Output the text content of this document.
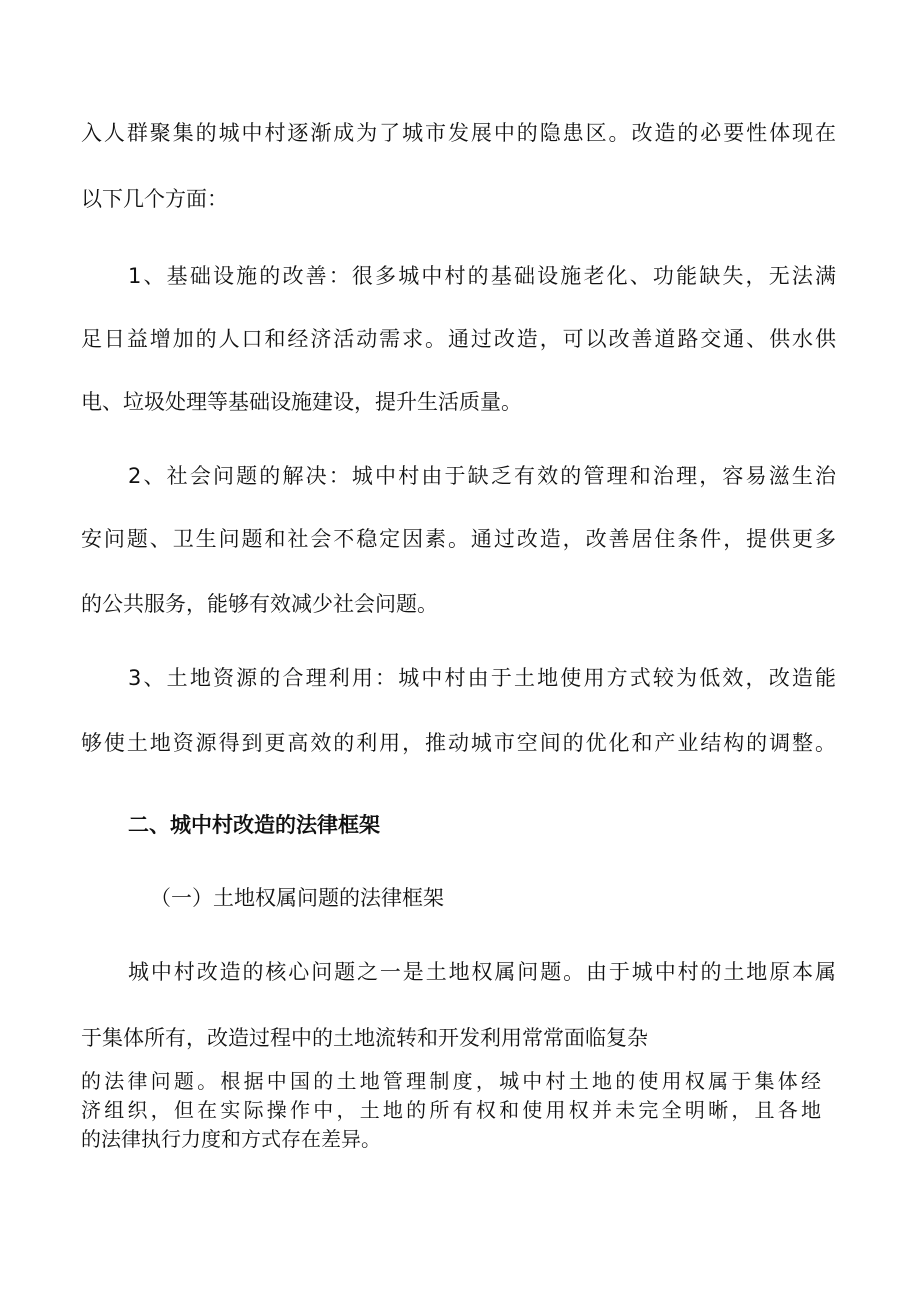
入人群聚集的城中村逐渐成为了城市发展中的隐患区。改造的必要性体现在
以下几个方面：
1、基础设施的改善：很多城中村的基础设施老化、功能缺失，无法满
足日益增加的人口和经济活动需求。通过改造，可以改善道路交通、供水供
电、垃圾处理等基础设施建设，提升生活质量。
2、社会问题的解决：城中村由于缺乏有效的管理和治理，容易滋生治
安问题、卫生问题和社会不稳定因素。通过改造，改善居住条件，提供更多
的公共服务，能够有效减少社会问题。
3、土地资源的合理利用：城中村由于土地使用方式较为低效，改造能
够使土地资源得到更高效的利用，推动城市空间的优化和产业结构的调整。
二、城中村改造的法律框架
（一）土地权属问题的法律框架
城中村改造的核心问题之一是土地权属问题。由于城中村的土地原本属
于集体所有，改造过程中的土地流转和开发利用常常面临复杂
的法律问题。根据中国的土地管理制度，城中村土地的使用权属于集体经
济组织，但在实际操作中，土地的所有权和使用权并未完全明晰，且各地
的法律执行力度和方式存在差异。
